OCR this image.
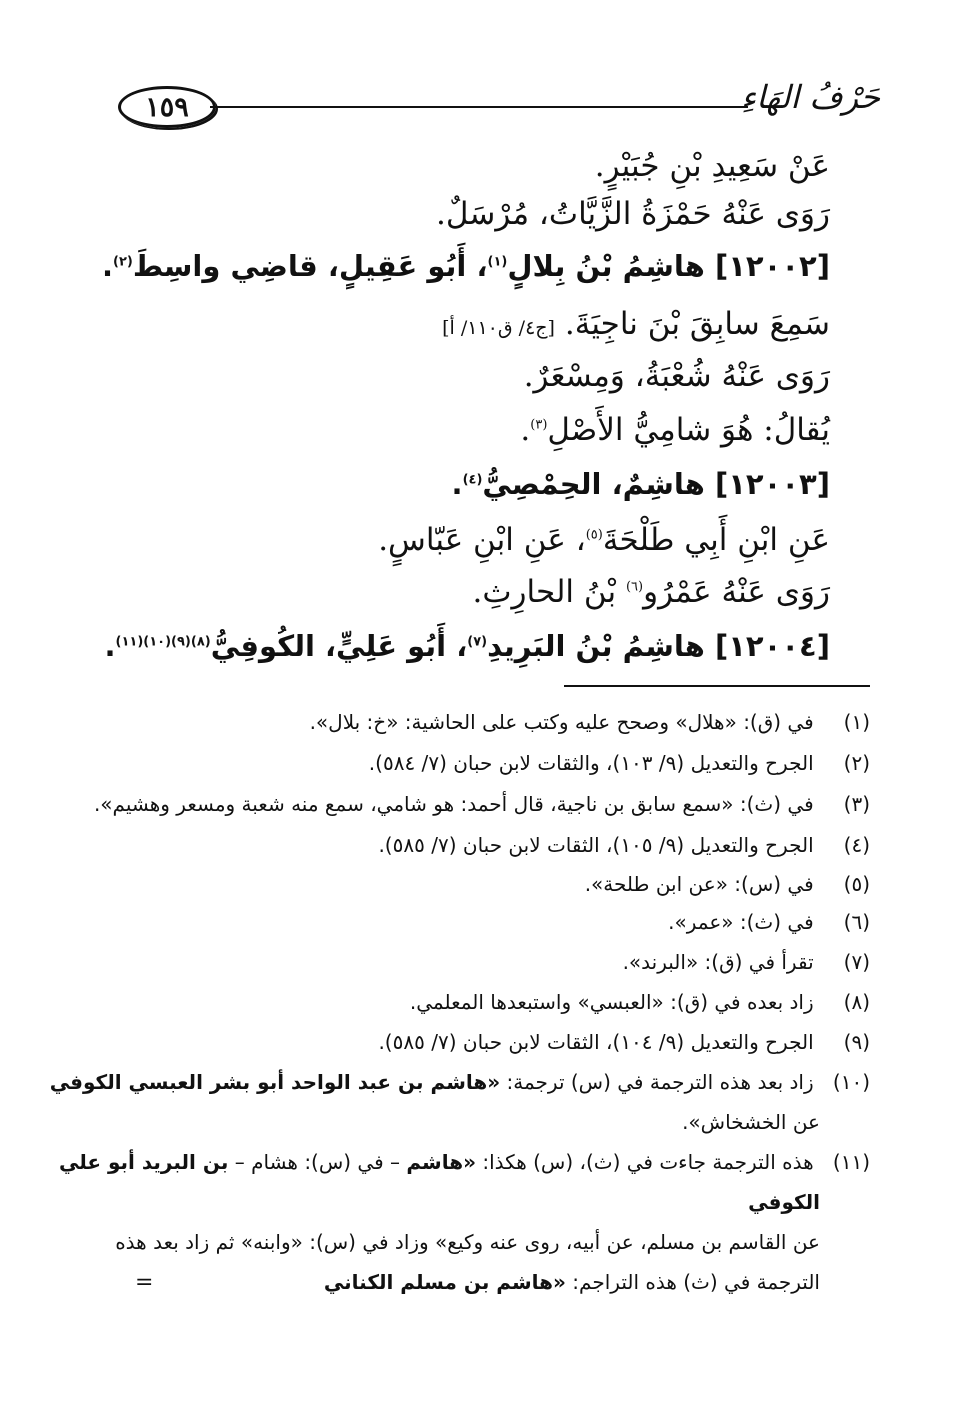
١٥٩	حَرْفُ الهَاءِ
عَنْ سَعِيدِ بْنِ جُبَيْرٍ.
رَوَى عَنْهُ حَمْزَةُ الزَّيَّاتُ، مُرْسَلٌ.
[١٢٠٠٢] هاشِمُ بْنُ بِلالٍ$^{(١)}$، أَبُو عَقِيلٍ، قاضِي واسِطَ$^{(٢)}$.
سَمِعَ سابِقَ بْنَ ناجِيَةَ. [ج٤/ ق١١٠/ أ]
رَوَى عَنْهُ شُعْبَةُ، وَمِسْعَرٌ.
يُقالُ: هُوَ شامِيُّ الأَصْلِ$^{(٣)}$.
[١٢٠٠٣] هاشِمٌ، الحِمْصِيُّ$^{(٤)}$.
عَنِ ابْنِ أَبِي طَلْحَةَ$^{(٥)}$، عَنِ ابْنِ عَبّاسٍ.
رَوَى عَنْهُ عَمْرُو$^{(٦)}$ بْنُ الحارِثِ.
[١٢٠٠٤] هاشِمُ بْنُ البَرِيدِ$^{(٧)}$، أَبُو عَلِيٍّ، الكُوفِيُّ$^{(٨)(٩)(١٠)(١١)}$.
(١) في (ق): «هلال» وصحح عليه وكتب على الحاشية: «خ: بلال».
(٢) الجرح والتعديل (٩/ ١٠٣)، والثقات لابن حبان (٧/ ٥٨٤).
(٣) في (ث): «سمع سابق بن ناجية، قال أحمد: هو شامي، سمع منه شعبة ومسعر وهشيم».
(٤) الجرح والتعديل (٩/ ١٠٥)، الثقات لابن حبان (٧/ ٥٨٥).
(٥) في (س): «عن ابن طلحة».
(٦) في (ث): «عمر».
(٧) تقرأ في (ق): «البرند».
(٨) زاد بعده في (ق): «العبسي» واستبعدها المعلمي.
(٩) الجرح والتعديل (٩/ ١٠٤)، الثقات لابن حبان (٧/ ٥٨٥).
(١٠) زاد بعد هذه الترجمة في (س) ترجمة: «هاشم بن عبد الواحد أبو بشر العبسي الكوفي
عن الخشخاش».
(١١) هذه الترجمة جاءت في (ث)، (س) هكذا: «هاشم – في (س): هشام – بن البريد أبو علي
الكوفي
عن القاسم بن مسلم، عن أبيه، روى عنه وكيع» وزاد في (س): «وابنه» ثم زاد بعد هذه
الترجمة في (ث) هذه التراجم: «هاشم بن مسلم الكناني
=
